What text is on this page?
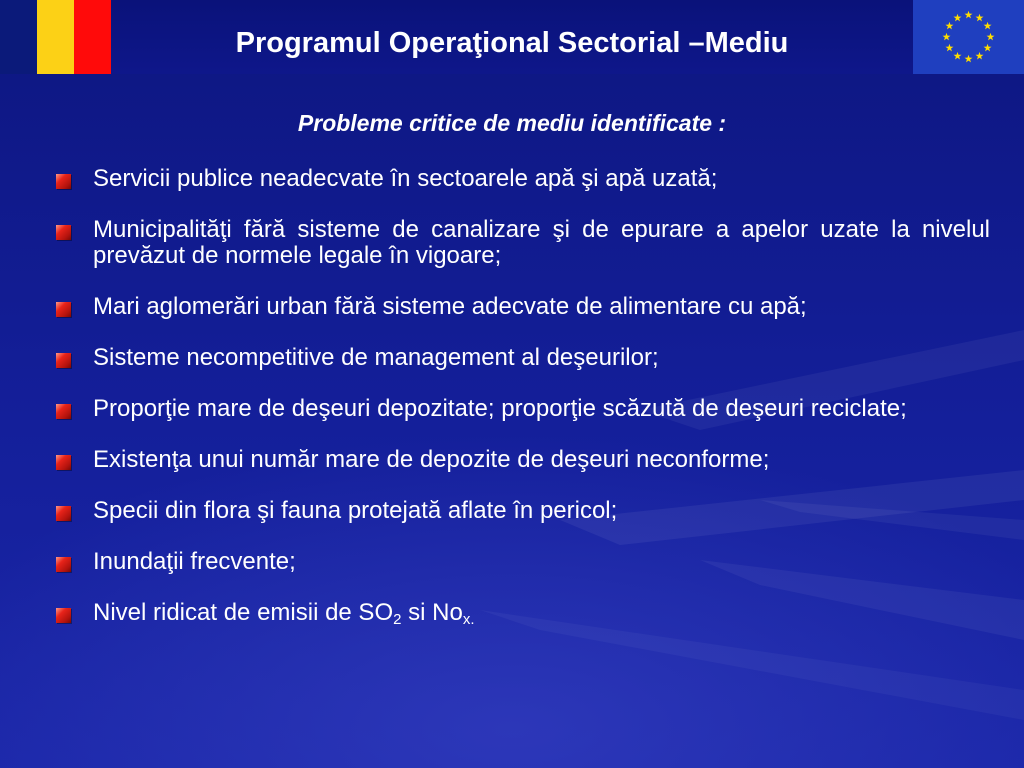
Programul Operaţional Sectorial –Mediu
Probleme critice de mediu identificate :
Servicii publice neadecvate în sectoarele apă şi apă uzată;
Municipalităţi fără sisteme de canalizare şi de epurare a apelor uzate la nivelul prevăzut de normele legale în vigoare;
Mari aglomerări urban fără sisteme adecvate de alimentare cu apă;
Sisteme necompetitive de management al deşeurilor;
Proporţie mare de deşeuri depozitate; proporţie scăzută de deşeuri reciclate;
Existenţa unui număr mare de depozite de deşeuri neconforme;
Specii din flora şi fauna protejată aflate în pericol;
Inundaţii frecvente;
Nivel ridicat de emisii de $SO_2$ si $No_{x.}$
